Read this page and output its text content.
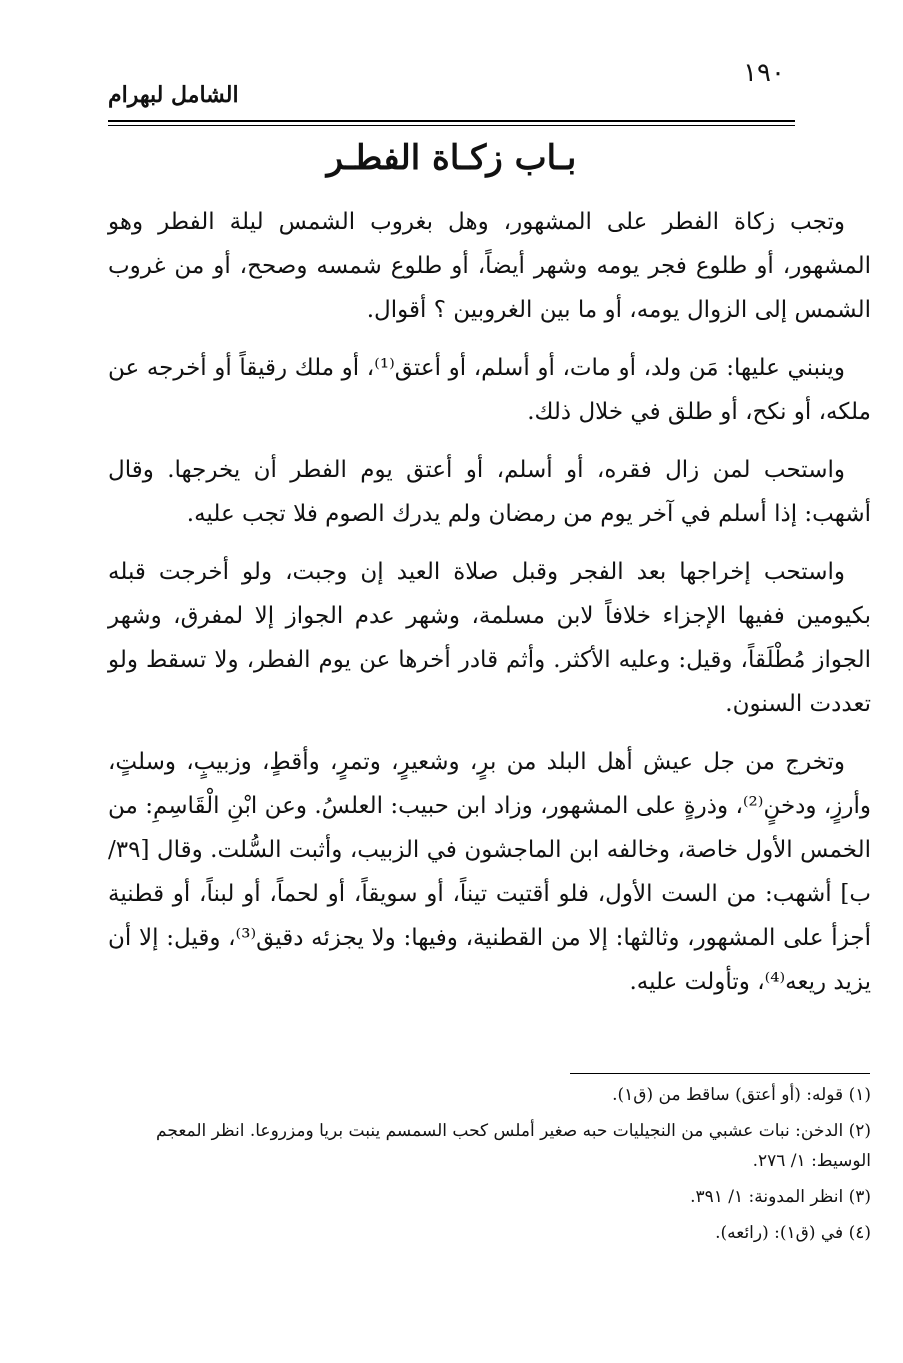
١٩٠
الشامل لبهرام
بـاب زكـاة الفطـر

وتجب زكاة الفطر على المشهور، وهل بغروب الشمس ليلة الفطر وهو المشهور، أو طلوع فجر يومه وشهر أيضاً، أو طلوع شمسه وصحح، أو من غروب الشمس إلى الزوال يومه، أو ما بين الغروبين ؟ أقوال.

وينبني عليها: مَن ولد، أو مات، أو أسلم، أو أعتق⁽¹⁾، أو ملك رقيقاً أو أخرجه عن ملكه، أو نكح، أو طلق في خلال ذلك.

واستحب لمن زال فقره، أو أسلم، أو أعتق يوم الفطر أن يخرجها. وقال أشهب: إذا أسلم في آخر يوم من رمضان ولم يدرك الصوم فلا تجب عليه.

واستحب إخراجها بعد الفجر وقبل صلاة العيد إن وجبت، ولو أخرجت قبله بكيومين ففيها الإجزاء خلافاً لابن مسلمة، وشهر عدم الجواز إلا لمفرق، وشهر الجواز مُطْلَقاً، وقيل: وعليه الأكثر. وأثم قادر أخرها عن يوم الفطر، ولا تسقط ولو تعددت السنون.

وتخرج من جل عيش أهل البلد من برٍ، وشعيرٍ، وتمرٍ، وأقطٍ، وزبيبٍ، وسلتٍ، وأرزٍ، ودخنٍ⁽²⁾، وذرةٍ على المشهور، وزاد ابن حبيب: العلسُ. وعن ابْنِ الْقَاسِمِ: من الخمس الأول خاصة، وخالفه ابن الماجشون في الزبيب، وأثبت السُّلت. وقال [٣٩/ ب] أشهب: من الست الأول، فلو أقتيت تيناً، أو سويقاً، أو لحماً، أو لبناً، أو قطنية أجزأ على المشهور، وثالثها: إلا من القطنية، وفيها: ولا يجزئه دقيق⁽³⁾، وقيل: إلا أن يزيد ريعه⁽⁴⁾، وتأولت عليه.

(١) قوله: (أو أعتق) ساقط من (ق١).

(٢) الدخن: نبات عشبي من النجيليات حبه صغير أملس كحب السمسم ينبت بريا ومزروعا. انظر المعجم الوسيط: ١/ ٢٧٦.

(٣) انظر المدونة: ١/ ٣٩١.

(٤) في (ق١): (رائعه).
